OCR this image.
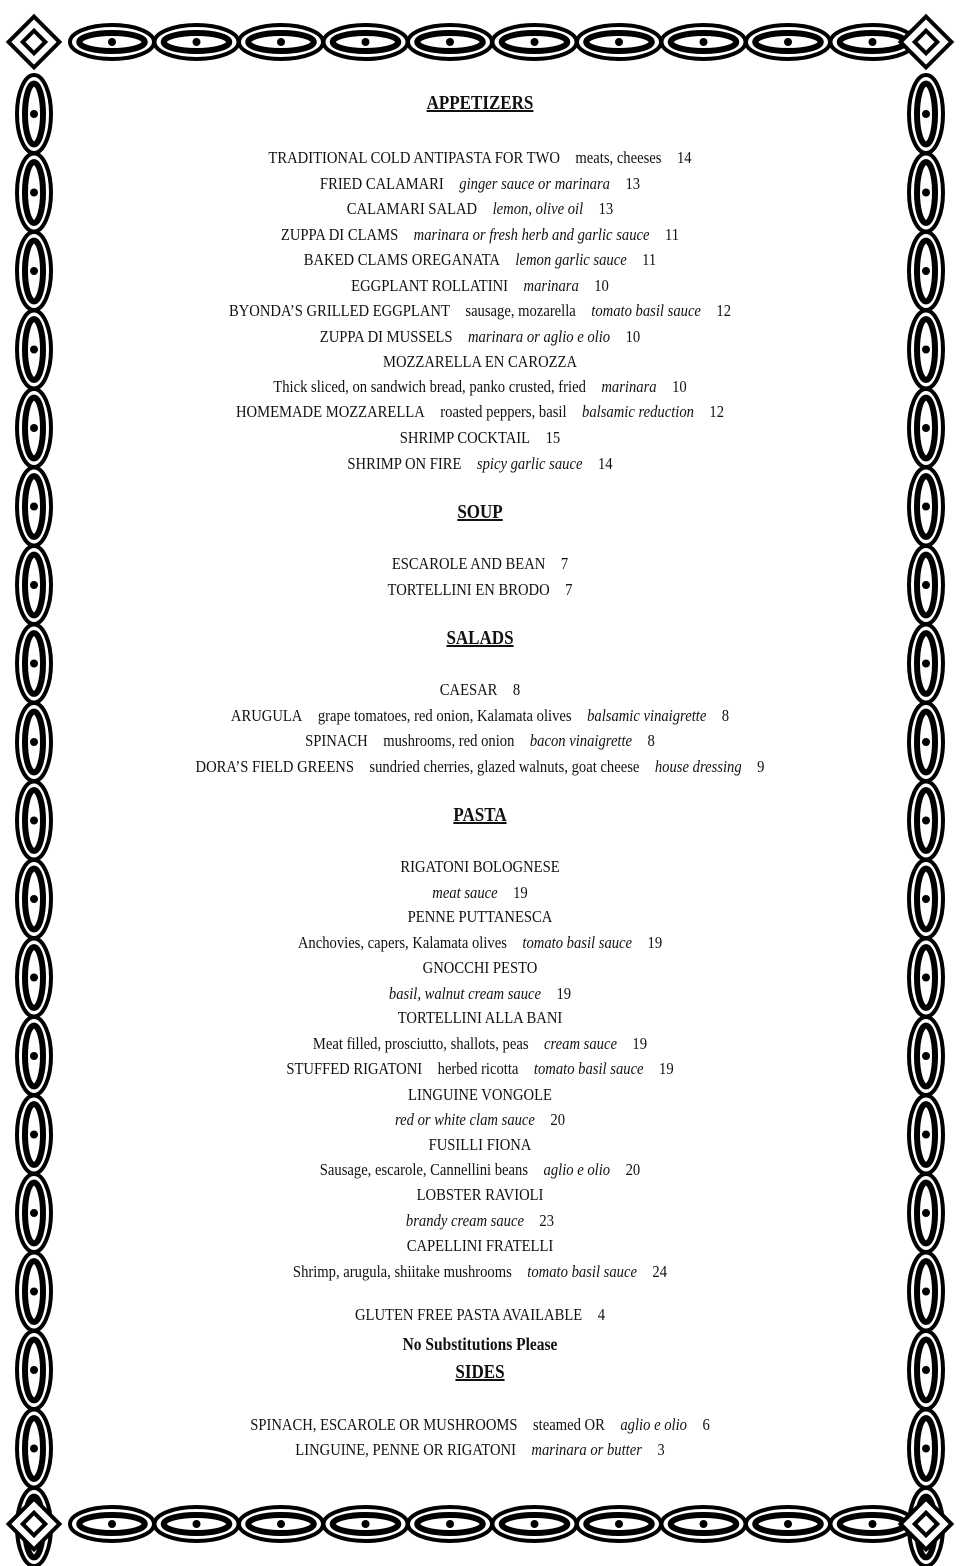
APPETIZERS
TRADITIONAL COLD ANTIPASTA FOR TWO meats, cheeses 14
FRIED CALAMARI ginger sauce or marinara 13
CALAMARI SALAD lemon, olive oil 13
ZUPPA DI CLAMS marinara or fresh herb and garlic sauce 11
BAKED CLAMS OREGANATA lemon garlic sauce 11
EGGPLANT ROLLATINI marinara 10
BYONDA’S GRILLED EGGPLANT sausage, mozarella tomato basil sauce 12
ZUPPA DI MUSSELS marinara or aglio e olio 10
MOZZARELLA EN CAROZZA
Thick sliced, on sandwich bread, panko crusted, fried marinara 10
HOMEMADE MOZZARELLA roasted peppers, basil balsamic reduction 12
SHRIMP COCKTAIL 15
SHRIMP ON FIRE spicy garlic sauce 14
SOUP
ESCAROLE AND BEAN 7
TORTELLINI EN BRODO 7
SALADS
CAESAR 8
ARUGULA grape tomatoes, red onion, Kalamata olives balsamic vinaigrette 8
SPINACH mushrooms, red onion bacon vinaigrette 8
DORA’S FIELD GREENS sundried cherries, glazed walnuts, goat cheese house dressing 9
PASTA
RIGATONI BOLOGNESE
meat sauce 19
PENNE PUTTANESCA
Anchovies, capers, Kalamata olives tomato basil sauce 19
GNOCCHI PESTO
basil, walnut cream sauce 19
TORTELLINI ALLA BANI
Meat filled, prosciutto, shallots, peas cream sauce 19
STUFFED RIGATONI herbed ricotta tomato basil sauce 19
LINGUINE VONGOLE
red or white clam sauce 20
FUSILLI FIONA
Sausage, escarole, Cannellini beans aglio e olio 20
LOBSTER RAVIOLI
brandy cream sauce 23
CAPELLINI FRATELLI
Shrimp, arugula, shiitake mushrooms tomato basil sauce 24
GLUTEN FREE PASTA AVAILABLE 4
No Substitutions Please
SIDES
SPINACH, ESCAROLE OR MUSHROOMS steamed OR aglio e olio 6
LINGUINE, PENNE OR RIGATONI marinara or butter 3
